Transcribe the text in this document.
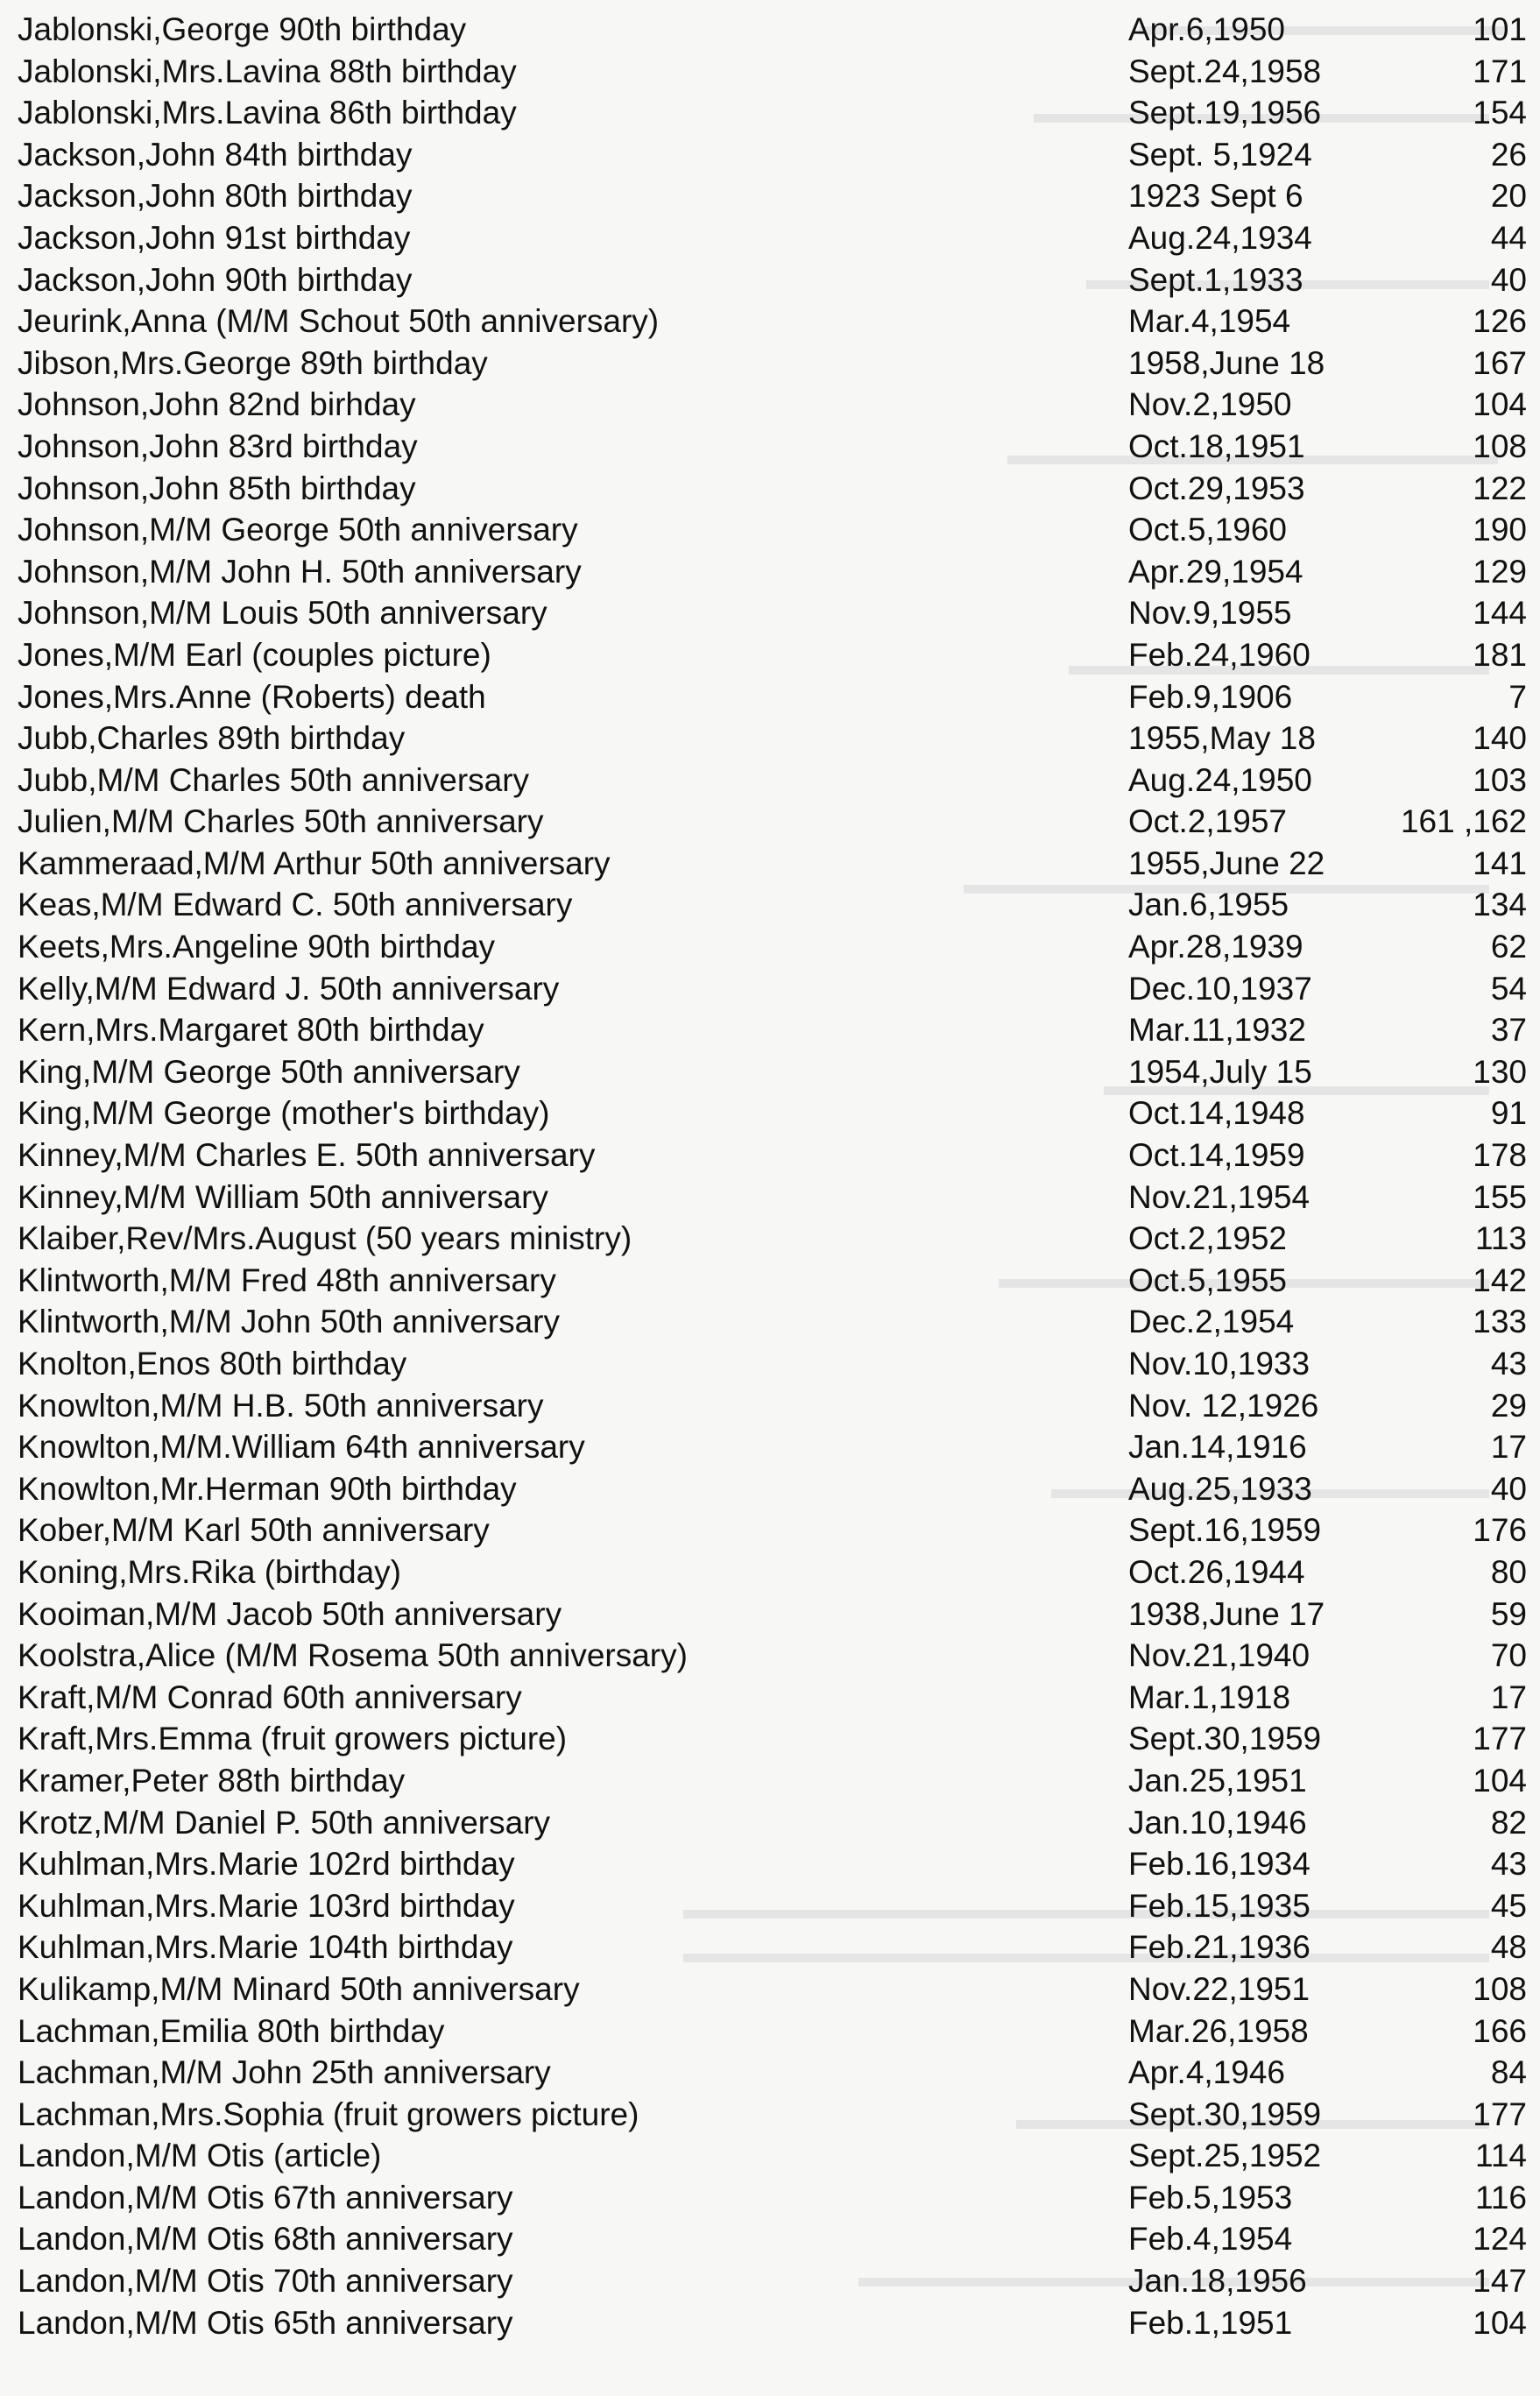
Jablonski,George 90th birthday	Apr.6,1950	101
Jablonski,Mrs.Lavina 88th birthday	Sept.24,1958	171
Jablonski,Mrs.Lavina 86th birthday	Sept.19,1956	154
Jackson,John 84th birthday	Sept. 5,1924	26
Jackson,John 80th birthday	1923 Sept 6	20
Jackson,John 91st birthday	Aug.24,1934	44
Jackson,John 90th birthday	Sept.1,1933	40
Jeurink,Anna (M/M Schout 50th anniversary)	Mar.4,1954	126
Jibson,Mrs.George 89th birthday	1958,June 18	167
Johnson,John 82nd birhday	Nov.2,1950	104
Johnson,John 83rd birthday	Oct.18,1951	108
Johnson,John 85th birthday	Oct.29,1953	122
Johnson,M/M George 50th anniversary	Oct.5,1960	190
Johnson,M/M John H. 50th anniversary	Apr.29,1954	129
Johnson,M/M Louis 50th anniversary	Nov.9,1955	144
Jones,M/M Earl (couples picture)	Feb.24,1960	181
Jones,Mrs.Anne (Roberts) death	Feb.9,1906	7
Jubb,Charles 89th birthday	1955,May 18	140
Jubb,M/M Charles 50th anniversary	Aug.24,1950	103
Julien,M/M Charles 50th anniversary	Oct.2,1957	161 ,162
Kammeraad,M/M Arthur 50th anniversary	1955,June 22	141
Keas,M/M Edward C. 50th anniversary	Jan.6,1955	134
Keets,Mrs.Angeline 90th birthday	Apr.28,1939	62
Kelly,M/M Edward J. 50th anniversary	Dec.10,1937	54
Kern,Mrs.Margaret 80th birthday	Mar.11,1932	37
King,M/M George 50th anniversary	1954,July 15	130
King,M/M George (mother's birthday)	Oct.14,1948	91
Kinney,M/M Charles E. 50th anniversary	Oct.14,1959	178
Kinney,M/M William 50th anniversary	Nov.21,1954	155
Klaiber,Rev/Mrs.August (50 years ministry)	Oct.2,1952	113
Klintworth,M/M Fred 48th anniversary	Oct.5,1955	142
Klintworth,M/M John 50th anniversary	Dec.2,1954	133
Knolton,Enos 80th birthday	Nov.10,1933	43
Knowlton,M/M H.B. 50th anniversary	Nov. 12,1926	29
Knowlton,M/M.William 64th anniversary	Jan.14,1916	17
Knowlton,Mr.Herman 90th birthday	Aug.25,1933	40
Kober,M/M Karl 50th anniversary	Sept.16,1959	176
Koning,Mrs.Rika (birthday)	Oct.26,1944	80
Kooiman,M/M Jacob 50th anniversary	1938,June 17	59
Koolstra,Alice (M/M Rosema 50th anniversary)	Nov.21,1940	70
Kraft,M/M Conrad 60th anniversary	Mar.1,1918	17
Kraft,Mrs.Emma (fruit growers picture)	Sept.30,1959	177
Kramer,Peter 88th birthday	Jan.25,1951	104
Krotz,M/M Daniel P. 50th anniversary	Jan.10,1946	82
Kuhlman,Mrs.Marie 102rd birthday	Feb.16,1934	43
Kuhlman,Mrs.Marie 103rd birthday	Feb.15,1935	45
Kuhlman,Mrs.Marie 104th birthday	Feb.21,1936	48
Kulikamp,M/M Minard 50th anniversary	Nov.22,1951	108
Lachman,Emilia 80th birthday	Mar.26,1958	166
Lachman,M/M John 25th anniversary	Apr.4,1946	84
Lachman,Mrs.Sophia (fruit growers picture)	Sept.30,1959	177
Landon,M/M Otis (article)	Sept.25,1952	114
Landon,M/M Otis 67th anniversary	Feb.5,1953	116
Landon,M/M Otis 68th anniversary	Feb.4,1954	124
Landon,M/M Otis 70th anniversary	Jan.18,1956	147
Landon,M/M Otis 65th anniversary	Feb.1,1951	104
